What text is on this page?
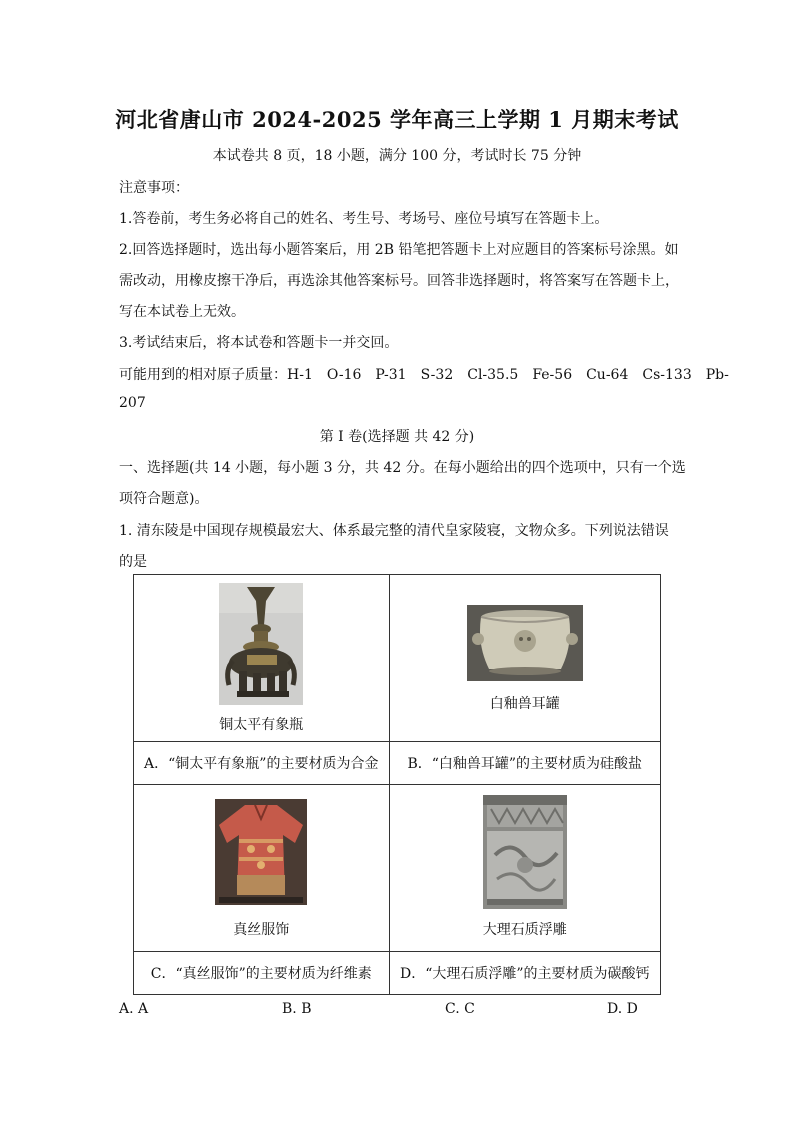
河北省唐山市 2024-2025 学年高三上学期 1 月期末考试
本试卷共 8 页，18 小题，满分 100 分，考试时长 75 分钟
注意事项：
1.答卷前，考生务必将自己的姓名、考生号、考场号、座位号填写在答题卡上。
2.回答选择题时，选出每小题答案后，用 2B 铅笔把答题卡上对应题目的答案标号涂黑。如
需改动，用橡皮擦干净后，再选涂其他答案标号。回答非选择题时，将答案写在答题卡上，
写在本试卷上无效。
3.考试结束后，将本试卷和答题卡一并交回。
可能用到的相对原子质量：H-1　O-16　P-31　S-32　Cl-35.5　Fe-56　Cu-64　Cs-133　Pb-
207
第 I 卷(选择题 共 42 分)
一、选择题(共 14 小题，每小题 3 分，共 42 分。在每小题给出的四个选项中，只有一个选
项符合题意)。
1. 清东陵是中国现存规模最宏大、体系最完整的清代皇家陵寝，文物众多。下列说法错误
的是
铜太平有象瓶	白釉兽耳罐

A．“铜太平有象瓶”的主要材质为合金	B．“白釉兽耳罐”的主要材质为硅酸盐

真丝服饰	大理石质浮雕

C．“真丝服饰”的主要材质为纤维素	D．“大理石质浮雕”的主要材质为碳酸钙
A. A	B. B	C. C	D. D
